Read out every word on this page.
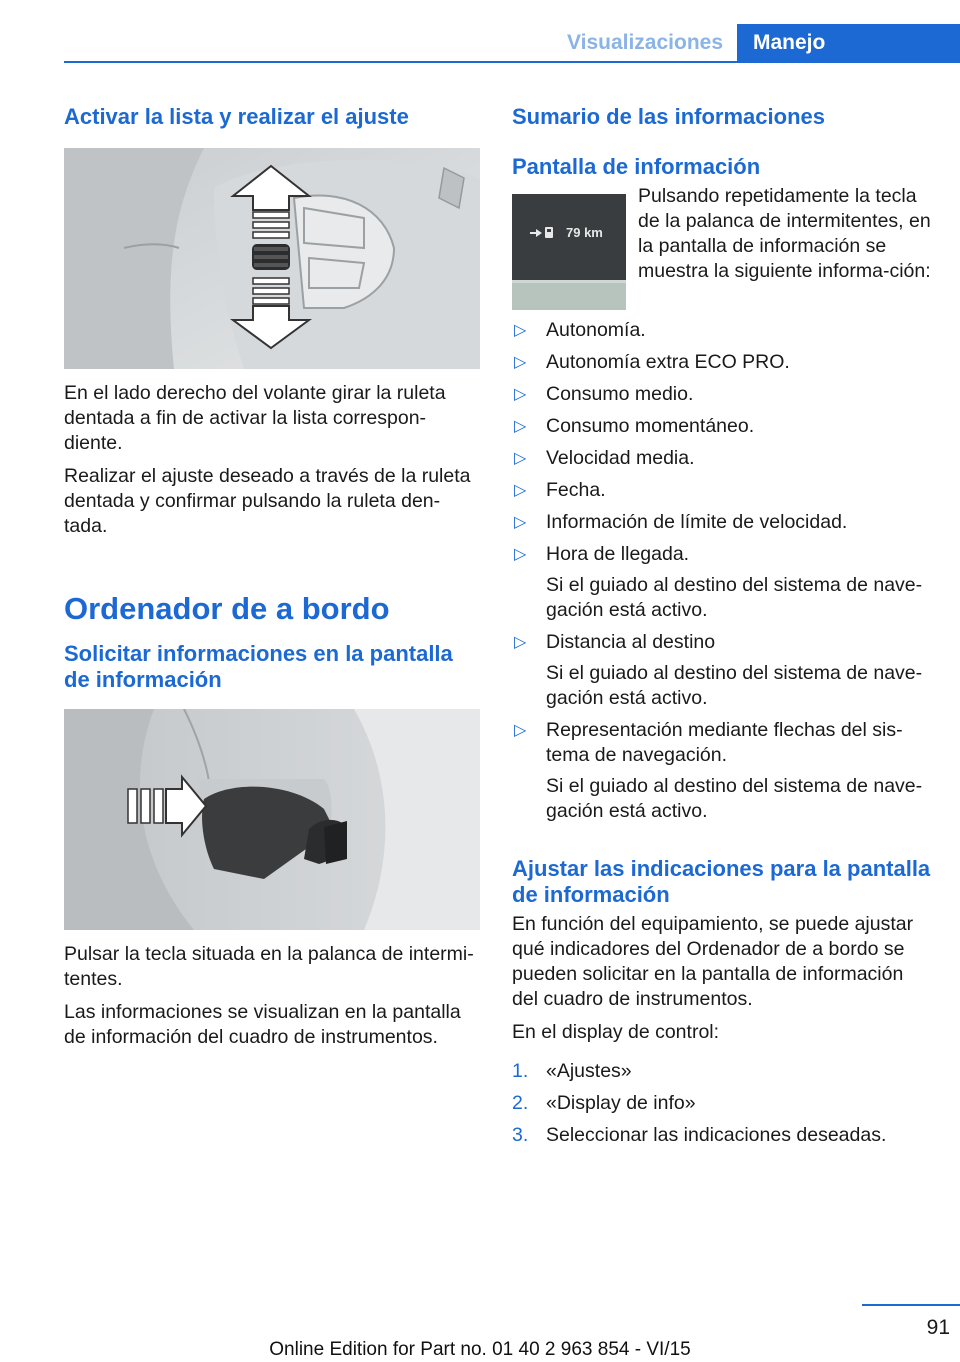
Visualizaciones	Manejo
Activar la lista y realizar el ajuste

En el lado derecho del volante girar la ruleta dentada a fin de activar la lista correspon‐diente.

Realizar el ajuste deseado a través de la ruleta dentada y confirmar pulsando la ruleta den‐tada.

Ordenador de a bordo
Solicitar informaciones en la pantalla de información

Pulsar la tecla situada en la palanca de intermi‐tentes.

Las informaciones se visualizan en la pantalla de información del cuadro de instrumentos.

Sumario de las informaciones
Pantalla de información
79 km

Pulsando repetidamente la tecla de la palanca de intermitentes, en la pantalla de información se muestra la siguiente informa‐ción:

▷	Autonomía.
▷	Autonomía extra ECO PRO.
▷	Consumo medio.
▷	Consumo momentáneo.
▷	Velocidad media.
▷	Fecha.
▷	Información de límite de velocidad.
▷	Hora de llegada.
Si el guiado al destino del sistema de nave‐gación está activo.
▷	Distancia al destino
Si el guiado al destino del sistema de nave‐gación está activo.
▷	Representación mediante flechas del sis‐tema de navegación.
Si el guiado al destino del sistema de nave‐gación está activo.
Ajustar las indicaciones para la pantalla de información

En función del equipamiento, se puede ajustar qué indicadores del Ordenador de a bordo se pueden solicitar en la pantalla de información del cuadro de instrumentos.

En el display de control:

1. «Ajustes»
2. «Display de info»
3. Seleccionar las indicaciones deseadas.
91
Online Edition for Part no. 01 40 2 963 854 - VI/15
